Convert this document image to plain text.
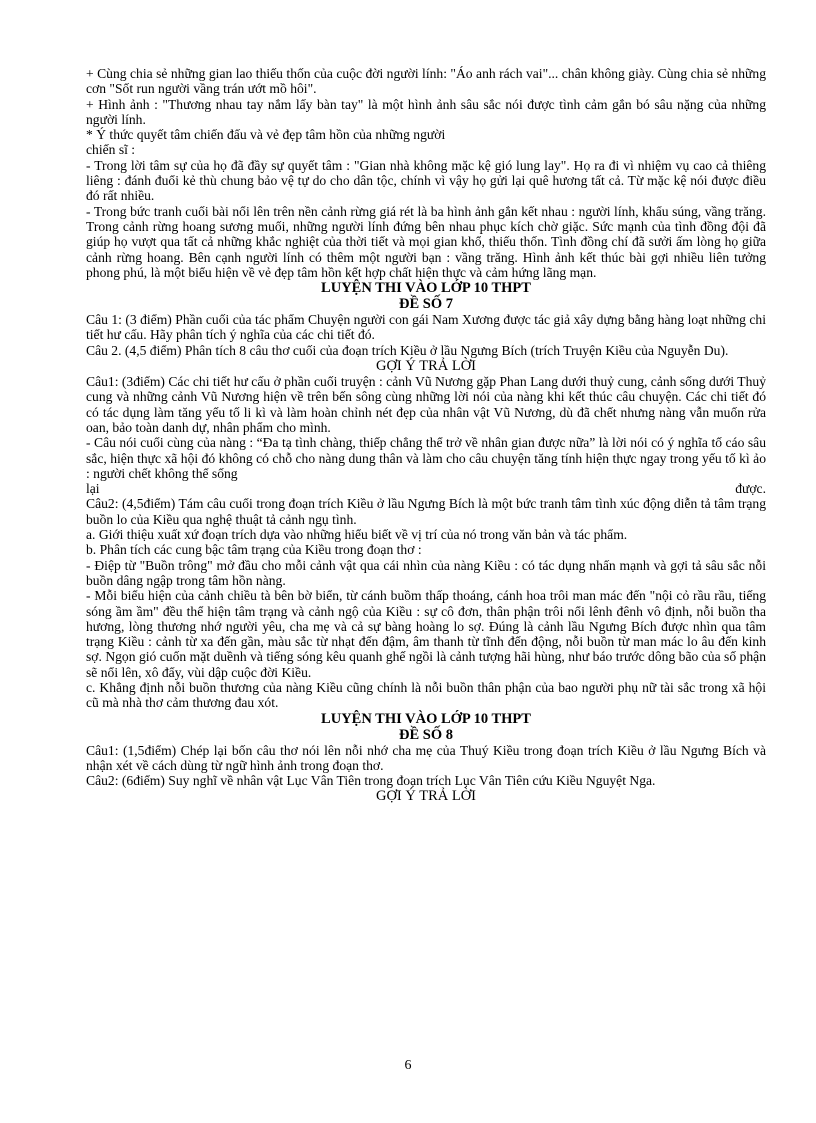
+ Cùng chia sẻ những gian lao thiếu thốn của cuộc đời người lính: "Áo anh rách vai"... chân không giày. Cùng chia sẻ những cơn "Sốt run người vầng trán ướt mồ hôi".

+ Hình ảnh : "Thương nhau tay nắm lấy bàn tay" là một hình ảnh sâu sắc nói được tình cảm gắn bó sâu nặng của những người lính.

* Ý thức quyết tâm chiến đấu và vẻ đẹp tâm hồn của những người

chiến sĩ :

- Trong lời tâm sự của họ đã đầy sự quyết tâm : "Gian nhà không mặc kệ gió lung lay". Họ ra đi vì nhiệm vụ cao cả thiêng liêng : đánh đuổi kẻ thù chung bảo vệ tự do cho dân tộc, chính vì vậy họ gửi lại quê hương tất cả. Từ mặc kệ nói được điều đó rất nhiều.

- Trong bức tranh cuối bài nổi lên trên nền cảnh rừng giá rét là ba hình ảnh gắn kết nhau : người lính, khẩu súng, vầng trăng. Trong cảnh rừng hoang sương muối, những người lính đứng bên nhau phục kích chờ giặc. Sức mạnh của tình đồng đội đã giúp họ vượt qua tất cả những khắc nghiệt của thời tiết và mọi gian khổ, thiếu thốn. Tình đồng chí đã sưởi ấm lòng họ giữa cảnh rừng hoang. Bên cạnh người lính có thêm một người bạn : vầng trăng. Hình ảnh kết thúc bài gợi nhiều liên tưởng phong phú, là một biểu hiện về vẻ đẹp tâm hồn kết hợp chất hiện thực và cảm hứng lãng mạn.

LUYỆN THI VÀO LỚP 10 THPT
ĐỀ SỐ 7

Câu 1: (3 điểm) Phần cuối của tác phẩm Chuyện người con gái Nam Xương được tác giả xây dựng bằng hàng loạt những chi tiết hư cấu. Hãy phân tích ý nghĩa của các chi tiết đó.

Câu 2. (4,5 điểm) Phân tích 8 câu thơ cuối của đoạn trích Kiều ở lầu Ngưng Bích (trích Truyện Kiều của Nguyễn Du).

GỢI Ý TRẢ LỜI

Câu1: (3điểm) Các chi tiết hư cấu ở phần cuối truyện : cảnh Vũ Nương gặp Phan Lang dưới thuỷ cung, cảnh sống dưới Thuỷ cung và những cảnh Vũ Nương hiện về trên bến sông cùng những lời nói của nàng khi kết thúc câu chuyện. Các chi tiết đó có tác dụng làm tăng yếu tố li kì và làm hoàn chỉnh nét đẹp của nhân vật Vũ Nương, dù đã chết nhưng nàng vẫn muốn rửa oan, bảo toàn danh dự, nhân phẩm cho mình.

- Câu nói cuối cùng của nàng : “Đa tạ tình chàng, thiếp chẳng thể trở về nhân gian được nữa” là lời nói có ý nghĩa tố cáo sâu sắc, hiện thực xã hội đó không có chỗ cho nàng dung thân và làm cho câu chuyện tăng tính hiện thực ngay trong yếu tố kì ảo : người chết không thể sống

lại	được.

Câu2: (4,5điểm) Tám câu cuối trong đoạn trích Kiều ở lầu Ngưng Bích là một bức tranh tâm tình xúc động diễn tả tâm trạng buồn lo của Kiều qua nghệ thuật tả cảnh ngụ tình.

a. Giới thiệu xuất xứ đoạn trích dựa vào những hiểu biết về vị trí của nó trong văn bản và tác phẩm.

b. Phân tích các cung bậc tâm trạng của Kiều trong đoạn thơ :

- Điệp từ "Buồn trông" mở đầu cho mỗi cảnh vật qua cái nhìn của nàng Kiều : có tác dụng nhấn mạnh và gợi tả sâu sắc nỗi buồn dâng ngập trong tâm hồn nàng.

- Mỗi biểu hiện của cảnh chiều tà bên bờ biển, từ cánh buồm thấp thoáng, cánh hoa trôi man mác đến "nội cỏ rầu rầu, tiếng sóng ầm ầm" đều thể hiện tâm trạng và cảnh ngộ của Kiều : sự cô đơn, thân phận trôi nổi lênh đênh vô định, nỗi buồn tha hương, lòng thương nhớ người yêu, cha mẹ và cả sự bàng hoàng lo sợ. Đúng là cảnh lầu Ngưng Bích được nhìn qua tâm trạng Kiều : cảnh từ xa đến gần, màu sắc từ nhạt đến đậm, âm thanh từ tĩnh đến động, nỗi buồn từ man mác lo âu đến kinh sợ. Ngọn gió cuốn mặt duềnh và tiếng sóng kêu quanh ghế ngồi là cảnh tượng hãi hùng, như báo trước dông bão của số phận sẽ nổi lên, xô đẩy, vùi dập cuộc đời Kiều.

c. Khẳng định nỗi buồn thương của nàng Kiều cũng chính là nỗi buồn thân phận của bao người phụ nữ tài sắc trong xã hội cũ mà nhà thơ cảm thương đau xót.

LUYỆN THI VÀO LỚP 10 THPT
ĐỀ SỐ 8

Câu1: (1,5điểm) Chép lại bốn câu thơ nói lên nỗi nhớ cha mẹ của Thuý Kiều trong đoạn trích Kiều ở lầu Ngưng Bích và nhận xét về cách dùng từ ngữ hình ảnh trong đoạn thơ.

Câu2: (6điểm) Suy nghĩ về nhân vật Lục Vân Tiên trong đoạn trích Lục Vân Tiên cứu Kiều Nguyệt Nga.

GỢI Ý TRẢ LỜI
6
